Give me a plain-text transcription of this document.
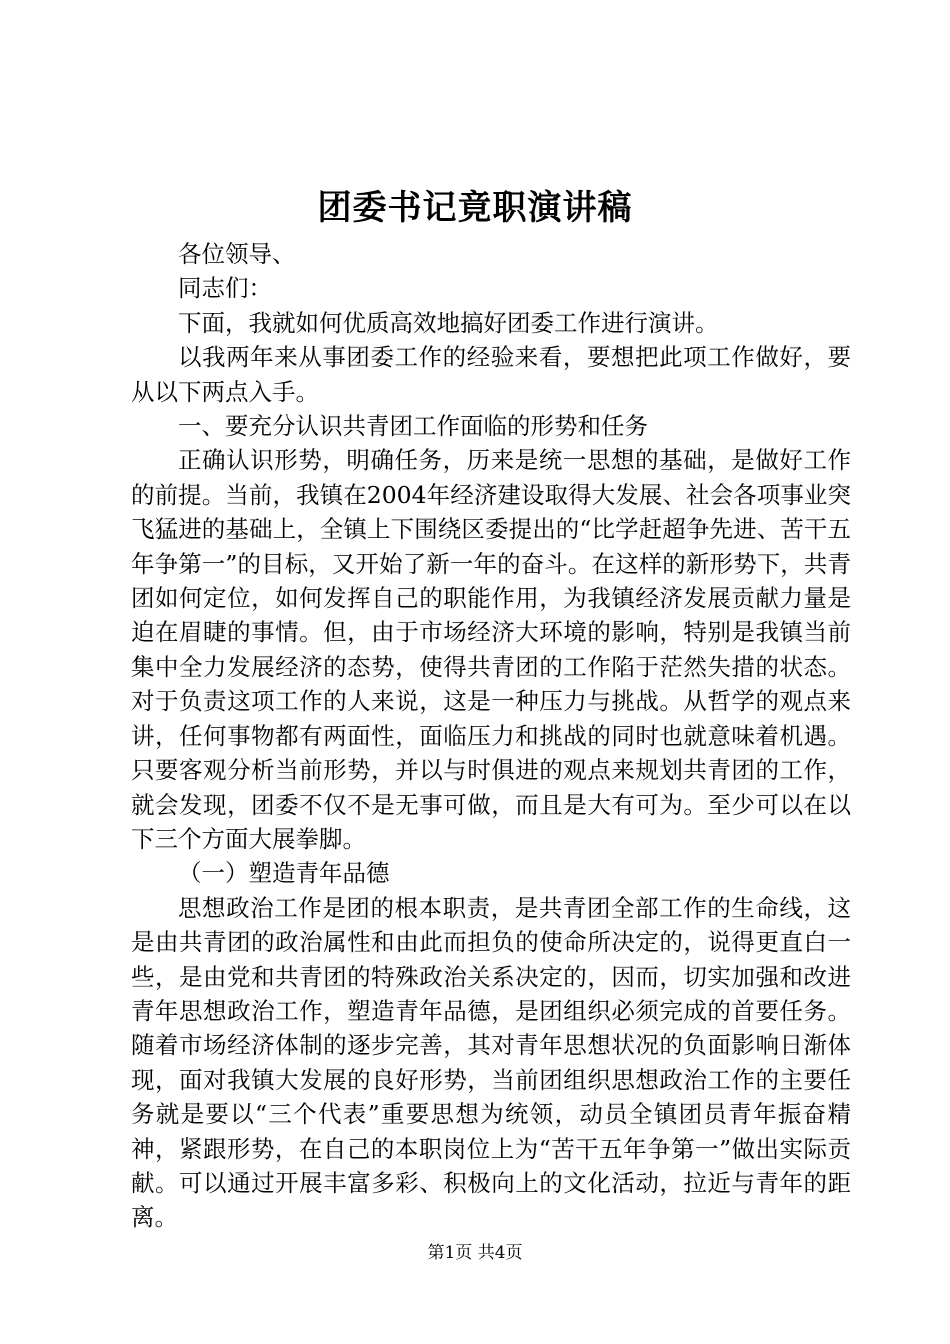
团委书记竟职演讲稿

各位领导、

同志们：

下面，我就如何优质高效地搞好团委工作进行演讲。

以我两年来从事团委工作的经验来看，要想把此项工作做好，要从以下两点入手。

一、要充分认识共青团工作面临的形势和任务

正确认识形势，明确任务，历来是统一思想的基础，是做好工作的前提。当前，我镇在2004年经济建设取得大发展、社会各项事业突飞猛进的基础上，全镇上下围绕区委提出的“比学赶超争先进、苦干五年争第一”的目标，又开始了新一年的奋斗。在这样的新形势下，共青团如何定位，如何发挥自己的职能作用，为我镇经济发展贡献力量是迫在眉睫的事情。但，由于市场经济大环境的影响，特别是我镇当前集中全力发展经济的态势，使得共青团的工作陷于茫然失措的状态。对于负责这项工作的人来说，这是一种压力与挑战。从哲学的观点来讲，任何事物都有两面性，面临压力和挑战的同时也就意味着机遇。只要客观分析当前形势，并以与时俱进的观点来规划共青团的工作，就会发现，团委不仅不是无事可做，而且是大有可为。至少可以在以下三个方面大展拳脚。

（一）塑造青年品德

思想政治工作是团的根本职责，是共青团全部工作的生命线，这是由共青团的政治属性和由此而担负的使命所决定的，说得更直白一些，是由党和共青团的特殊政治关系决定的，因而，切实加强和改进青年思想政治工作，塑造青年品德，是团组织必须完成的首要任务。随着市场经济体制的逐步完善，其对青年思想状况的负面影响日渐体现，面对我镇大发展的良好形势，当前团组织思想政治工作的主要任务就是要以“三个代表”重要思想为统领，动员全镇团员青年振奋精神，紧跟形势，在自己的本职岗位上为“苦干五年争第一”做出实际贡献。可以通过开展丰富多彩、积极向上的文化活动，拉近与青年的距离。

第1页 共4页
